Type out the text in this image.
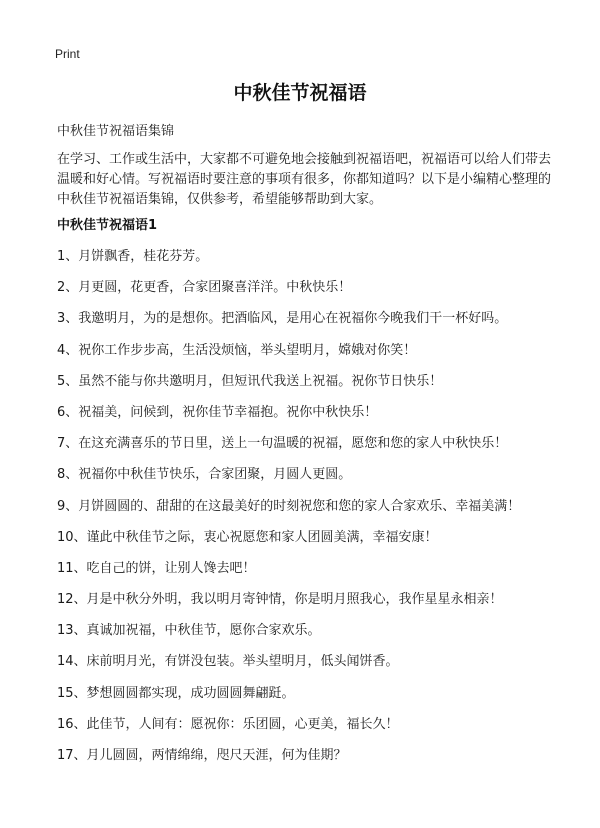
Print
中秋佳节祝福语
中秋佳节祝福语集锦

在学习、工作或生活中，大家都不可避免地会接触到祝福语吧，祝福语可以给人们带去温暖和好心情。写祝福语时要注意的事项有很多，你都知道吗？以下是小编精心整理的中秋佳节祝福语集锦，仅供参考，希望能够帮助到大家。

中秋佳节祝福语1
1、月饼飘香，桂花芬芳。
2、月更圆，花更香，合家团聚喜洋洋。中秋快乐！
3、我邀明月，为的是想你。把酒临风，是用心在祝福你今晚我们干一杯好吗。
4、祝你工作步步高，生活没烦恼，举头望明月，嫦娥对你笑！
5、虽然不能与你共邀明月，但短讯代我送上祝福。祝你节日快乐！
6、祝福美，问候到，祝你佳节幸福抱。祝你中秋快乐！
7、在这充满喜乐的节日里，送上一句温暖的祝福，愿您和您的家人中秋快乐！
8、祝福你中秋佳节快乐，合家团聚，月圆人更圆。
9、月饼圆圆的、甜甜的在这最美好的时刻祝您和您的家人合家欢乐、幸福美满！
10、谨此中秋佳节之际，衷心祝愿您和家人团圆美满，幸福安康！
11、吃自己的饼，让别人馋去吧！
12、月是中秋分外明，我以明月寄钟情，你是明月照我心，我作星星永相亲！
13、真诚加祝福，中秋佳节，愿你合家欢乐。
14、床前明月光，有饼没包装。举头望明月，低头闻饼香。
15、梦想圆圆都实现，成功圆圆舞翩跹。
16、此佳节，人间有：愿祝你：乐团圆，心更美，福长久！
17、月儿圆圆，两情绵绵，咫尺天涯，何为佳期？
